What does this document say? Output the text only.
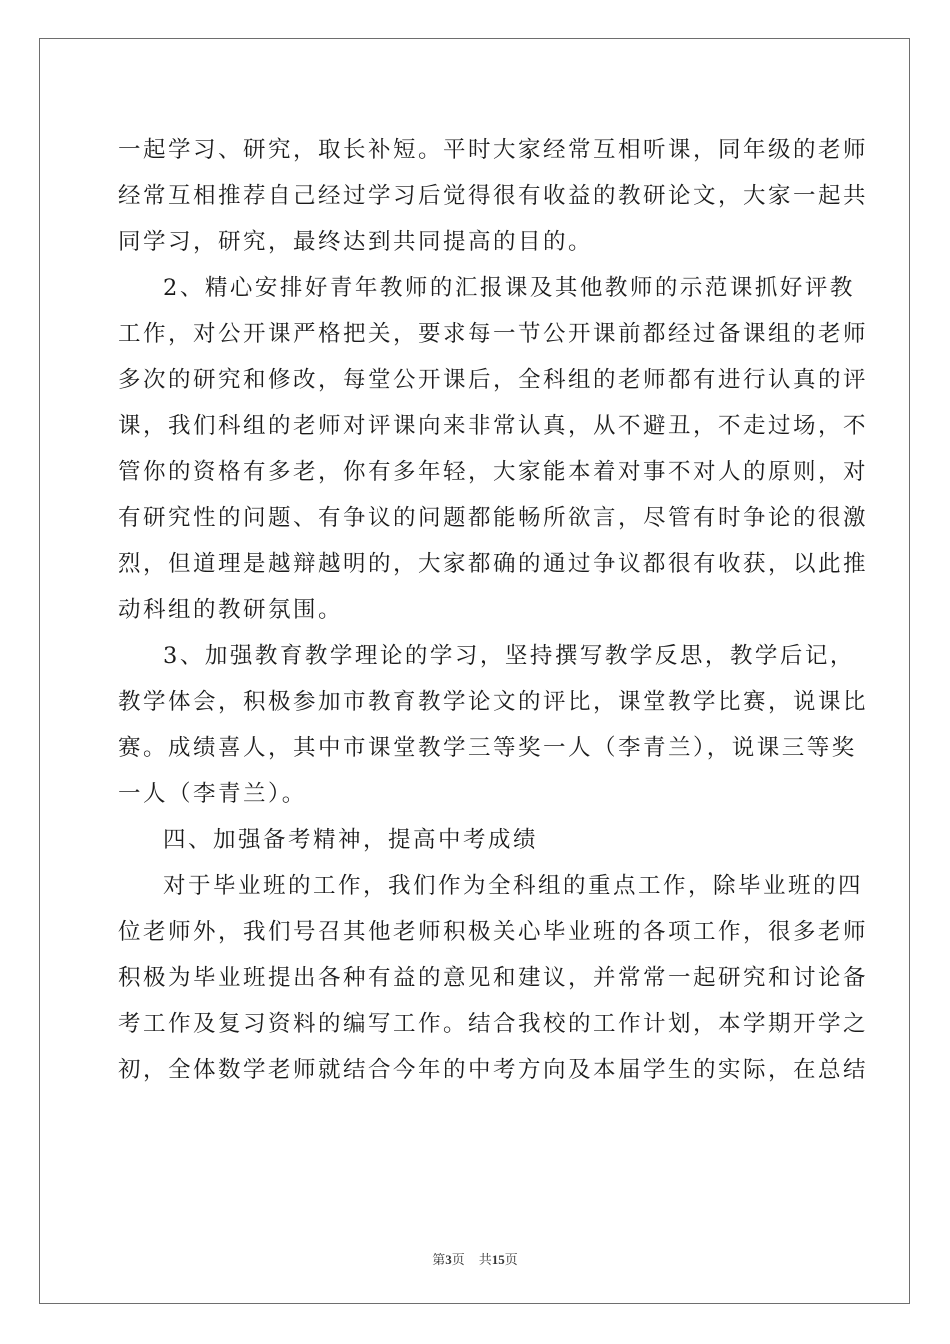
一起学习、研究，取长补短。平时大家经常互相听课，同年级的老师
经常互相推荐自己经过学习后觉得很有收益的教研论文，大家一起共
同学习，研究，最终达到共同提高的目的。
2、精心安排好青年教师的汇报课及其他教师的示范课抓好评教
工作，对公开课严格把关，要求每一节公开课前都经过备课组的老师
多次的研究和修改，每堂公开课后，全科组的老师都有进行认真的评
课，我们科组的老师对评课向来非常认真，从不避丑，不走过场，不
管你的资格有多老，你有多年轻，大家能本着对事不对人的原则，对
有研究性的问题、有争议的问题都能畅所欲言，尽管有时争论的很激
烈，但道理是越辩越明的，大家都确的通过争议都很有收获，以此推
动科组的教研氛围。
3、加强教育教学理论的学习，坚持撰写教学反思，教学后记，
教学体会，积极参加市教育教学论文的评比，课堂教学比赛，说课比
赛。成绩喜人，其中市课堂教学三等奖一人（李青兰），说课三等奖
一人（李青兰）。
四、加强备考精神，提高中考成绩
对于毕业班的工作，我们作为全科组的重点工作，除毕业班的四
位老师外，我们号召其他老师积极关心毕业班的各项工作，很多老师
积极为毕业班提出各种有益的意见和建议，并常常一起研究和讨论备
考工作及复习资料的编写工作。结合我校的工作计划，本学期开学之
初，全体数学老师就结合今年的中考方向及本届学生的实际，在总结
第3页 共15页
